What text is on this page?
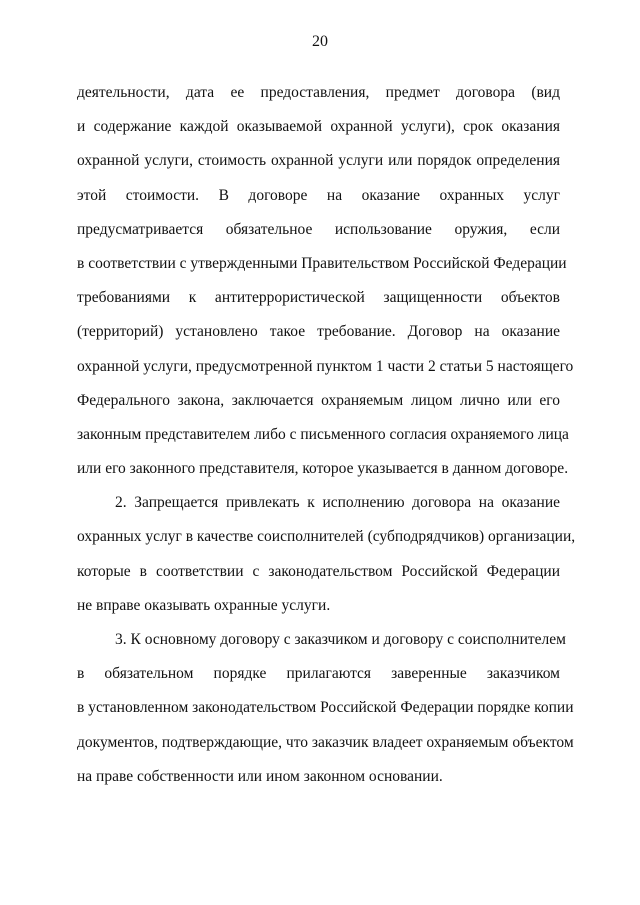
20
деятельности, дата ее предоставления, предмет договора (вид
и содержание каждой оказываемой охранной услуги), срок оказания
охранной услуги, стоимость охранной услуги или порядок определения
этой стоимости. В договоре на оказание охранных услуг
предусматривается обязательное использование оружия, если
в соответствии с утвержденными Правительством Российской Федерации
требованиями к антитеррористической защищенности объектов
(территорий) установлено такое требование. Договор на оказание
охранной услуги, предусмотренной пунктом 1 части 2 статьи 5 настоящего
Федерального закона, заключается охраняемым лицом лично или его
законным представителем либо с письменного согласия охраняемого лица
или его законного представителя, которое указывается в данном договоре.
2. Запрещается привлекать к исполнению договора на оказание
охранных услуг в качестве соисполнителей (субподрядчиков) организации,
которые в соответствии с законодательством Российской Федерации
не вправе оказывать охранные услуги.
3. К основному договору с заказчиком и договору с соисполнителем
в обязательном порядке прилагаются заверенные заказчиком
в установленном законодательством Российской Федерации порядке копии
документов, подтверждающие, что заказчик владеет охраняемым объектом
на праве собственности или ином законном основании.
